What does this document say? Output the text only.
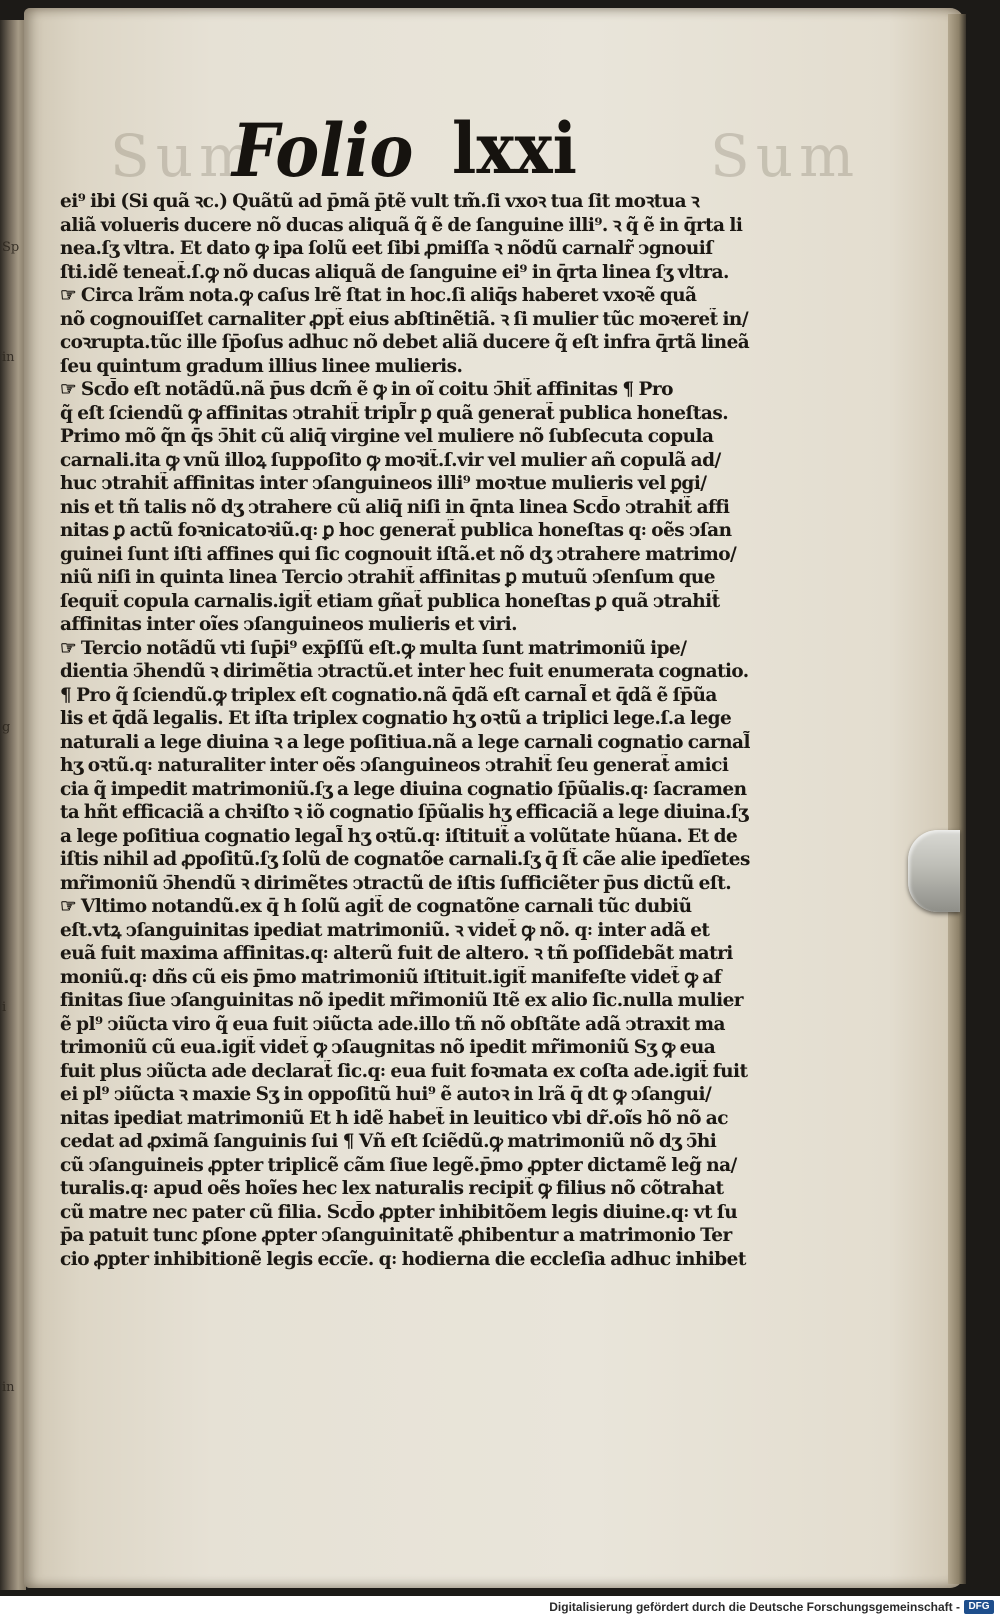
Sp
in
g
i
in
Sum	Sum
Folio lxxi
ei⁹ ibi (Si quã ꝛc.) Quãtũ ad p̄mã p̄tẽ vult tm̃.ſi vxoꝛ tua ſit moꝛtua ꝛ
aliã volueris ducere nõ ducas aliquã q̃ ẽ de ſanguine illi⁹. ꝛ q̃ ẽ in q̄rta li
nea.ſʒ vltra. Et dato ꝙ ipa ſolũ eet ſibi ꝓmiſſa ꝛ nõdũ carnalr̃ ↄgnouiſ
ſti.idẽ teneat̃.ſ.ꝙ nõ ducas aliquã de ſanguine ei⁹ in q̄rta linea ſʒ vltra.
☞ Circa lrãm nota.ꝙ caſus lrẽ ſtat in hoc.ſi aliq̄s haberet vxoꝛẽ quã
nõ cognouiſſet carnaliter ꝓpt̃ eius abſtinẽtiã. ꝛ ſi mulier tũc moꝛeret̃ in/
coꝛrupta.tũc ille ſp̄oſus adhuc nõ debet aliã ducere q̃ eſt infra q̄rtã lineã
ſeu quintum gradum illius linee mulieris.
☞ Scd̄o eſt notãdũ.nã p̄us dcm̃ ẽ ꝙ in oĩ coitu ↄ̄hit̃ affinitas ¶ Pro
q̃ eſt ſciendũ ꝙ affinitas ↄtrahit̃ tripl̃r ꝑ quã generat̃ publica honeſtas.
Primo mõ q̃n q̄s ↄ̄hit cũ aliq̄ virgine vel muliere nõ ſubſecuta copula
carnali.ita ꝙ vnũ illoꝝ ſuppoſito ꝙ moꝛit̃.ſ.vir vel mulier añ copulã ad/
huc ↄtrahit̃ affinitas inter ↄſanguineos illi⁹ moꝛtue mulieris vel ꝑgi/
nis et tñ talis nõ dʒ ↄtrahere cũ aliq̄ niſi in q̄nta linea Scd̄o ↄtrahit̃ affi
nitas ꝑ actũ foꝛnicatoꝛiũ.q꞉ ꝑ hoc generat̃ publica honeſtas q꞉ oẽs ↄſan
guinei ſunt iſti affines qui ſic cognouit iſtã.et nõ dʒ ↄtrahere matrimo/
niũ niſi in quinta linea Tercio ↄtrahit̃ affinitas ꝑ mutuũ ↄſenſum que
ſequit̃ copula carnalis.igit̃ etiam gñat̃ publica honeſtas ꝑ quã ↄtrahit̃
affinitas inter oĩes ↄſanguineos mulieris et viri.
☞ Tercio notãdũ vti ſup̄i⁹ exp̄ſſũ eſt.ꝙ multa ſunt matrimoniũ ipe/
dientia ↄ̄hendũ ꝛ dirimẽtia ↄtractũ.et inter hec fuit enumerata cognatio.
¶ Pro q̃ ſciendũ.ꝙ triplex eſt cognatio.nã q̄dã eſt carnal̃ et q̄dã ẽ ſp̄ũa
lis et q̄dã legalis. Et iſta triplex cognatio hʒ oꝛtũ a triplici lege.ſ.a lege
naturali a lege diuina ꝛ a lege poſitiua.nã a lege carnali cognatio carnal̃
hʒ oꝛtũ.q꞉ naturaliter inter oẽs ↄſanguineos ↄtrahit̃ ſeu generat̃ amici
cia q̃ impedit matrimoniũ.ſʒ a lege diuina cognatio ſp̄ũalis.q꞉ ſacramen
ta hñt efficaciã a chꝛiſto ꝛ iõ cognatio ſp̄ũalis hʒ efficaciã a lege diuina.ſʒ
a lege poſitiua cognatio legal̃ hʒ oꝛtũ.q꞉ iſtituit̃ a volũtate hũana. Et de
iſtis nihil ad ꝓpoſitũ.ſʒ ſolũ de cognatõe carnali.ſʒ q̄ ſt̃ cãe alie ipedĩetes
mr̃imoniũ ↄ̄hendũ ꝛ dirimẽtes ↄtractũ de iſtis ſufficiẽter p̄us dictũ eſt.
☞ Vltimo notandũ.ex q̄ h ſolũ agit̃ de cognatõne carnali tũc dubiũ
eſt.vtꝝ ↄſanguinitas ipediat matrimoniũ. ꝛ videt̃ ꝙ nõ. q꞉ inter adã et
euã fuit maxima affinitas.q꞉ alterũ fuit de altero. ꝛ tñ poſſidebãt matri
moniũ.q꞉ dñs cũ eis p̄mo matrimoniũ iſtituit.igit̃ manifeſte videt̃ ꝙ af
finitas ſiue ↄſanguinitas nõ ipedit mr̃imoniũ Itẽ ex alio ſic.nulla mulier
ẽ pl⁹ ↄiũcta viro q̃ eua fuit ↄiũcta ade.illo tñ nõ obſtãte adã ↄtraxit ma
trimoniũ cũ eua.igit̃ videt̃ ꝙ ↄſaugnitas nõ ipedit mr̃imoniũ Sʒ ꝙ eua
fuit plus ↄiũcta ade declarat̃ ſic.q꞉ eua fuit foꝛmata ex coſta ade.igit̃ fuit
ei pl⁹ ↄiũcta ꝛ maxie Sʒ in oppoſitũ hui⁹ ẽ autoꝛ in lrã q̄ dt ꝙ ↄſangui/
nitas ipediat matrimoniũ Et h idẽ habet̃ in leuitico vbi dr̃.oĩs hõ nõ ac
cedat ad ꝓximã ſanguinis ſui ¶ Vñ eſt ſciẽdũ.ꝙ matrimoniũ nõ dʒ ↄ̄hi
cũ ↄſanguineis ꝓpter triplicẽ cãm ſiue legẽ.p̄mo ꝓpter dictamẽ leg̃ na/
turalis.q꞉ apud oẽs hoĩes hec lex naturalis recipit̃ ꝙ filius nõ cõtrahat
cũ matre nec pater cũ filia. Scd̄o ꝓpter inhibitõem legis diuine.q꞉ vt ſu
p̄a patuit tunc ꝑſone ꝓpter ↄſanguinitatẽ ꝓhibentur a matrimonio Ter
cio ꝓpter inhibitionẽ legis eccĩe. q꞉ hodierna die eccleſia adhuc inhibet
Digitalisierung gefördert durch die Deutsche Forschungsgemeinschaft - DFG
